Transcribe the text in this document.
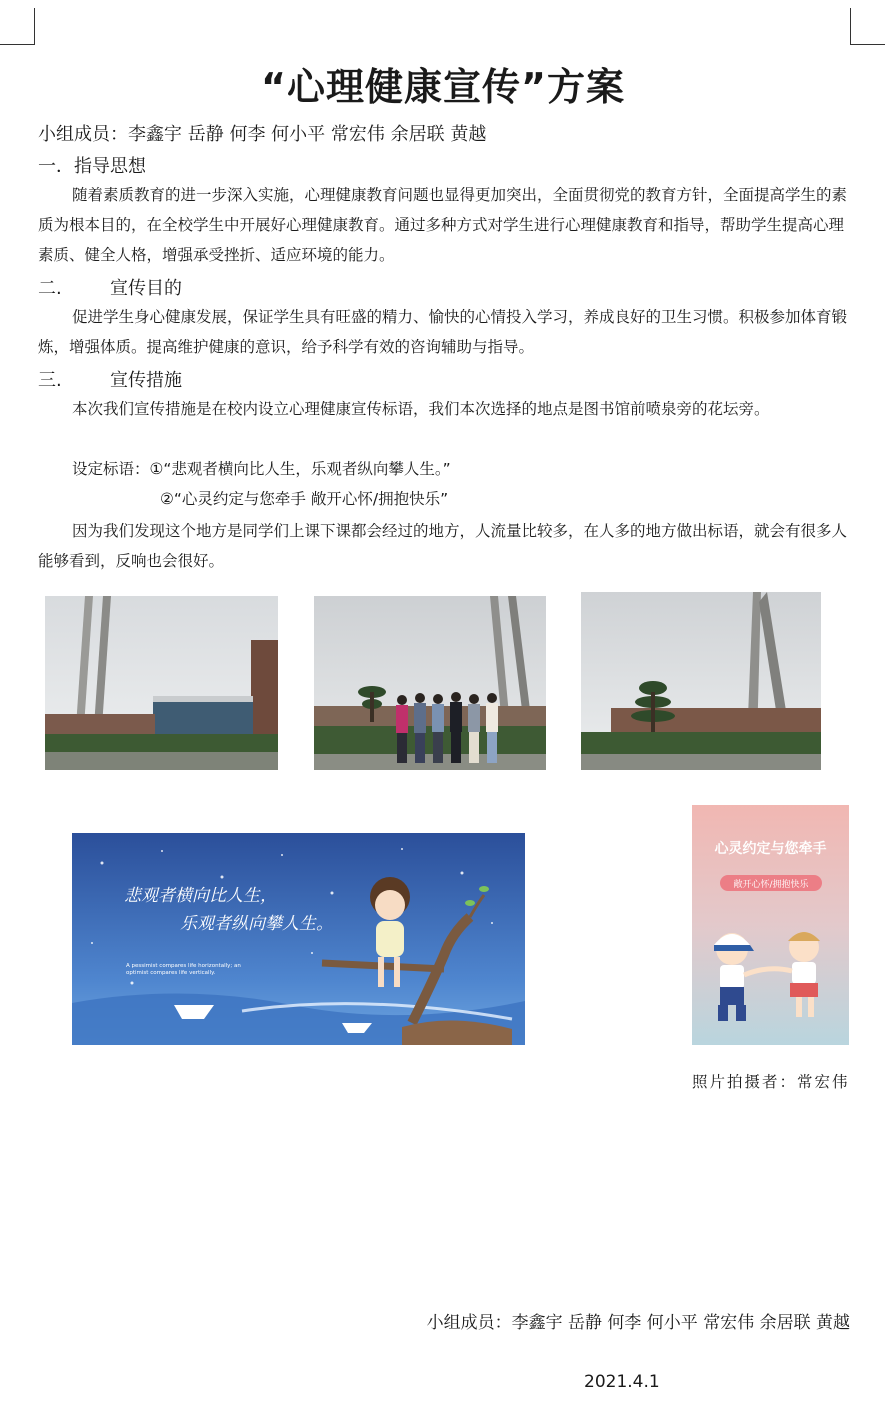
“心理健康宣传”方案
小组成员：李鑫宇 岳静 何李 何小平 常宏伟 余居联 黄越
一．指导思想
随着素质教育的进一步深入实施，心理健康教育问题也显得更加突出，全面贯彻党的教育方针，全面提高学生的素质为根本目的，在全校学生中开展好心理健康教育。通过多种方式对学生进行心理健康教育和指导，帮助学生提高心理素质、健全人格，增强承受挫折、适应环境的能力。
二.	宣传目的
促进学生身心健康发展，保证学生具有旺盛的精力、愉快的心情投入学习，养成良好的卫生习惯。积极参加体育锻炼，增强体质。提高维护健康的意识，给予科学有效的咨询辅助与指导。
三.	宣传措施
本次我们宣传措施是在校内设立心理健康宣传标语，我们本次选择的地点是图书馆前喷泉旁的花坛旁。
设定标语：①“悲观者横向比人生，乐观者纵向攀人生。”
②“心灵约定与您牵手 敞开心怀/拥抱快乐”
因为我们发现这个地方是同学们上课下课都会经过的地方，人流量比较多，在人多的地方做出标语，就会有很多人能够看到，反响也会很好。
悲观者横向比人生，
乐观者纵向攀人生。
A pessimist compares life horizontally; an optimist compares life vertically.
心灵约定与您牵手
敞开心怀/拥抱快乐
照片拍摄者：常宏伟
小组成员：李鑫宇 岳静 何李 何小平 常宏伟 余居联 黄越
2021.4.1
